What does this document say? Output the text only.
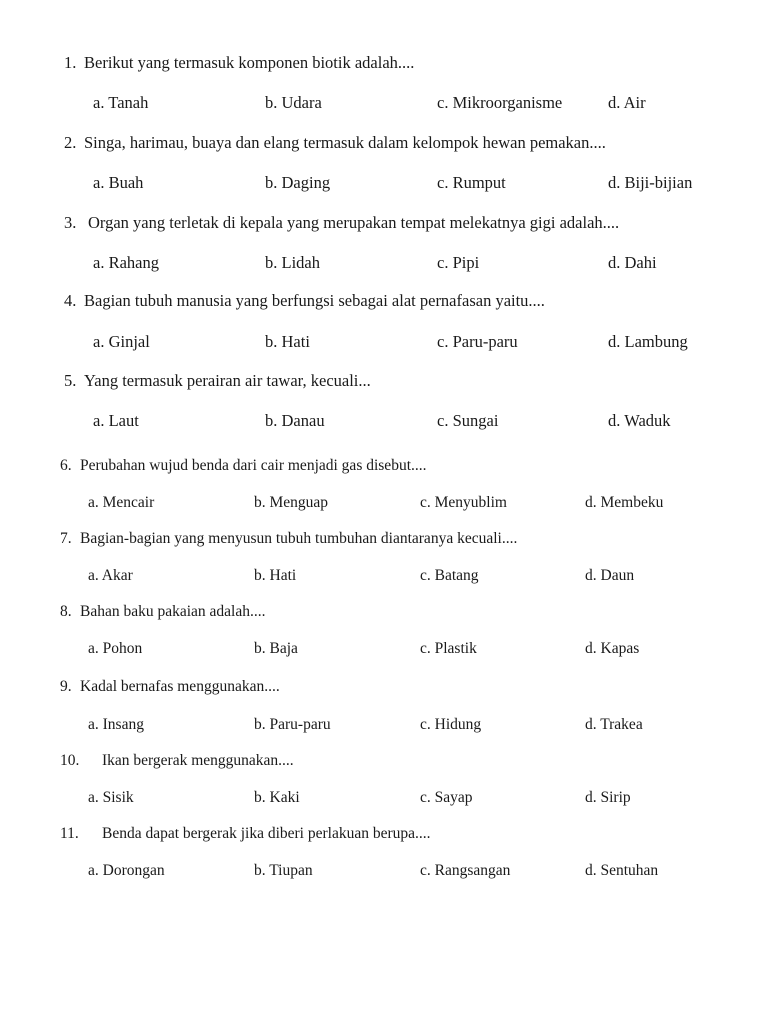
1. Berikut yang termasuk komponen biotik adalah....
a. Tanah	b. Udara	c. Mikroorganisme	d. Air
2. Singa, harimau, buaya dan elang termasuk dalam kelompok hewan pemakan....
a. Buah	b. Daging	c. Rumput	d. Biji-bijian
3. Organ yang terletak di kepala yang merupakan tempat melekatnya gigi adalah....
a. Rahang	b. Lidah	c. Pipi	d. Dahi
4. Bagian tubuh manusia yang berfungsi sebagai alat pernafasan yaitu....
a. Ginjal	b. Hati	c. Paru-paru	d. Lambung
5. Yang termasuk perairan air tawar, kecuali...
a. Laut	b. Danau	c. Sungai	d. Waduk
6. Perubahan wujud benda dari cair menjadi gas disebut....
a. Mencair	b. Menguap	c. Menyublim	d. Membeku
7. Bagian-bagian yang menyusun tubuh tumbuhan diantaranya kecuali....
a. Akar	b. Hati	c. Batang	d. Daun
8. Bahan baku pakaian adalah....
a. Pohon	b. Baja	c. Plastik	d. Kapas
9. Kadal bernafas menggunakan....
a. Insang	b. Paru-paru	c. Hidung	d. Trakea
10. Ikan bergerak menggunakan....
a. Sisik	b. Kaki	c. Sayap	d. Sirip
11. Benda dapat bergerak jika diberi perlakuan berupa....
a. Dorongan	b. Tiupan	c. Rangsangan	d. Sentuhan
